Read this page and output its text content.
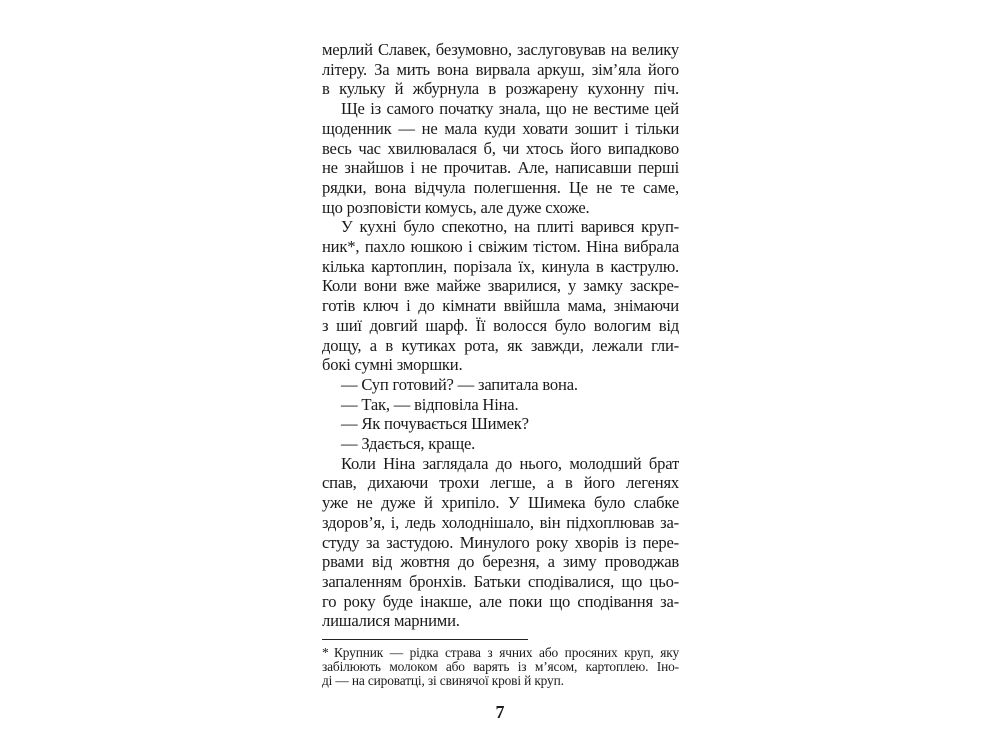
мерлий Славек, безумовно, заслуговував на велику
літеру. За мить вона вирвала аркуш, зім’яла його
в кульку й жбурнула в розжарену кухонну піч.
Ще із самого початку знала, що не вестиме цей
щоденник — не мала куди ховати зошит і тільки
весь час хвилювалася б, чи хтось його випадково
не знайшов і не прочитав. Але, написавши перші
рядки, вона відчула полегшення. Це не те саме,
що розповісти комусь, але дуже схоже.
У кухні було спекотно, на плиті варився круп-
ник*, пахло юшкою і свіжим тістом. Ніна вибрала
кілька картоплин, порізала їх, кинула в каструлю.
Коли вони вже майже зварилися, у замку заскре-
готів ключ і до кімнати ввійшла мама, знімаючи
з шиї довгий шарф. Її волосся було вологим від
дощу, а в кутиках рота, як завжди, лежали гли-
бокі сумні зморшки.
— Суп готовий? — запитала вона.
— Так, — відповіла Ніна.
— Як почувається Шимек?
— Здається, краще.
Коли Ніна заглядала до нього, молодший брат
спав, дихаючи трохи легше, а в його легенях
уже не дуже й хрипіло. У Шимека було слабке
здоров’я, і, ледь холоднішало, він підхоплював за-
студу за застудою. Минулого року хворів із пере-
рвами від жовтня до березня, а зиму проводжав
запаленням бронхів. Батьки сподівалися, що цьо-
го року буде інакше, але поки що сподівання за-
лишалися марними.
* Крупник — рідка страва з ячних або просяних круп, яку
забілюють молоком або варять із м’ясом, картоплею. Іно-
ді — на сироватці, зі свинячої крові й круп.
7
